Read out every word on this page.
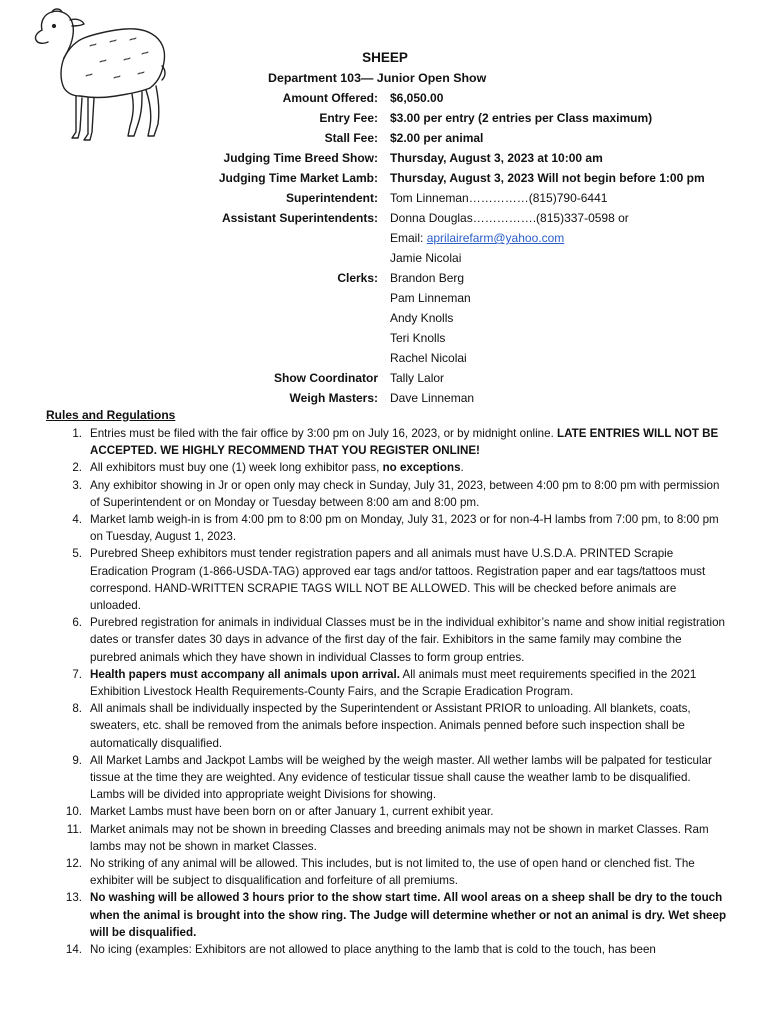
SHEEP
Department 103— Junior Open Show
Amount Offered: $6,050.00
Entry Fee: $3.00 per entry (2 entries per Class maximum)
Stall Fee: $2.00 per animal
Judging Time Breed Show: Thursday, August 3, 2023 at 10:00 am
Judging Time Market Lamb: Thursday, August 3, 2023 Will not begin before 1:00 pm
Superintendent: Tom Linneman……………(815)790-6441
Assistant Superintendents: Donna Douglas…………….(815)337-0598 or
Email: aprilairefarm@yahoo.com
Jamie Nicolai
Clerks: Brandon Berg
Pam Linneman
Andy Knolls
Teri Knolls
Rachel Nicolai
Show Coordinator Tally Lalor
Weigh Masters: Dave Linneman
Rules and Regulations
1. Entries must be filed with the fair office by 3:00 pm on July 16, 2023, or by midnight online. LATE ENTRIES WILL NOT BE ACCEPTED. WE HIGHLY RECOMMEND THAT YOU REGISTER ONLINE!
2. All exhibitors must buy one (1) week long exhibitor pass, no exceptions.
3. Any exhibitor showing in Jr or open only may check in Sunday, July 31, 2023, between 4:00 pm to 8:00 pm with permission of Superintendent or on Monday or Tuesday between 8:00 am and 8:00 pm.
4. Market lamb weigh-in is from 4:00 pm to 8:00 pm on Monday, July 31, 2023 or for non-4-H lambs from 7:00 pm, to 8:00 pm on Tuesday, August 1, 2023.
5. Purebred Sheep exhibitors must tender registration papers and all animals must have U.S.D.A. PRINTED Scrapie Eradication Program (1-866-USDA-TAG) approved ear tags and/or tattoos. Registration paper and ear tags/tattoos must correspond. HAND-WRITTEN SCRAPIE TAGS WILL NOT BE ALLOWED. This will be checked before animals are unloaded.
6. Purebred registration for animals in individual Classes must be in the individual exhibitor’s name and show initial registration dates or transfer dates 30 days in advance of the first day of the fair. Exhibitors in the same family may combine the purebred animals which they have shown in individual Classes to form group entries.
7. Health papers must accompany all animals upon arrival. All animals must meet requirements specified in the 2021 Exhibition Livestock Health Requirements-County Fairs, and the Scrapie Eradication Program.
8. All animals shall be individually inspected by the Superintendent or Assistant PRIOR to unloading. All blankets, coats, sweaters, etc. shall be removed from the animals before inspection. Animals penned before such inspection shall be automatically disqualified.
9. All Market Lambs and Jackpot Lambs will be weighed by the weigh master. All wether lambs will be palpated for testicular tissue at the time they are weighted. Any evidence of testicular tissue shall cause the weather lamb to be disqualified. Lambs will be divided into appropriate weight Divisions for showing.
10. Market Lambs must have been born on or after January 1, current exhibit year.
11. Market animals may not be shown in breeding Classes and breeding animals may not be shown in market Classes. Ram lambs may not be shown in market Classes.
12. No striking of any animal will be allowed. This includes, but is not limited to, the use of open hand or clenched fist. The exhibiter will be subject to disqualification and forfeiture of all premiums.
13. No washing will be allowed 3 hours prior to the show start time. All wool areas on a sheep shall be dry to the touch when the animal is brought into the show ring. The Judge will determine whether or not an animal is dry. Wet sheep will be disqualified.
14. No icing (examples: Exhibitors are not allowed to place anything to the lamb that is cold to the touch, has been
